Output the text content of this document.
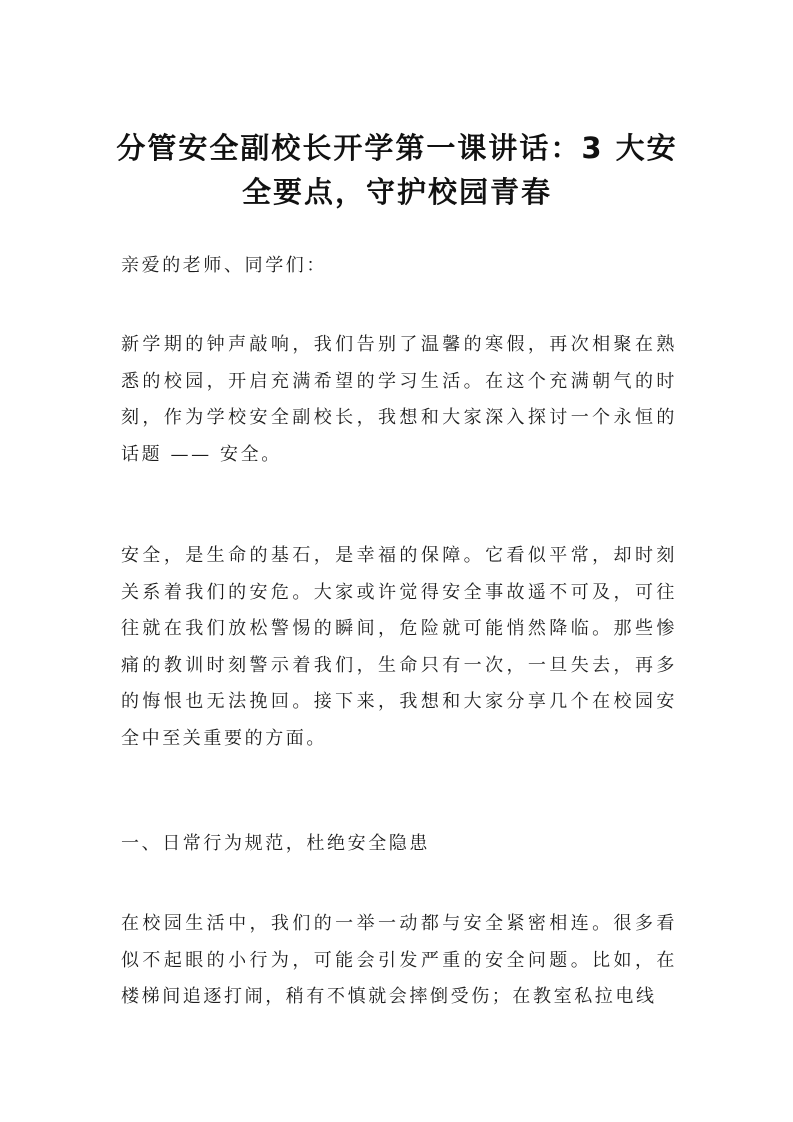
分管安全副校长开学第一课讲话：3 大安全要点，守护校园青春

亲爱的老师、同学们：

新学期的钟声敲响，我们告别了温馨的寒假，再次相聚在熟悉的校园，开启充满希望的学习生活。在这个充满朝气的时刻，作为学校安全副校长，我想和大家深入探讨一个永恒的话题 —— 安全。

安全，是生命的基石，是幸福的保障。它看似平常，却时刻关系着我们的安危。大家或许觉得安全事故遥不可及，可往往就在我们放松警惕的瞬间，危险就可能悄然降临。那些惨痛的教训时刻警示着我们，生命只有一次，一旦失去，再多的悔恨也无法挽回。接下来，我想和大家分享几个在校园安全中至关重要的方面。

一、日常行为规范，杜绝安全隐患

在校园生活中，我们的一举一动都与安全紧密相连。很多看似不起眼的小行为，可能会引发严重的安全问题。比如，在楼梯间追逐打闹，稍有不慎就会摔倒受伤；在教室私拉电线
